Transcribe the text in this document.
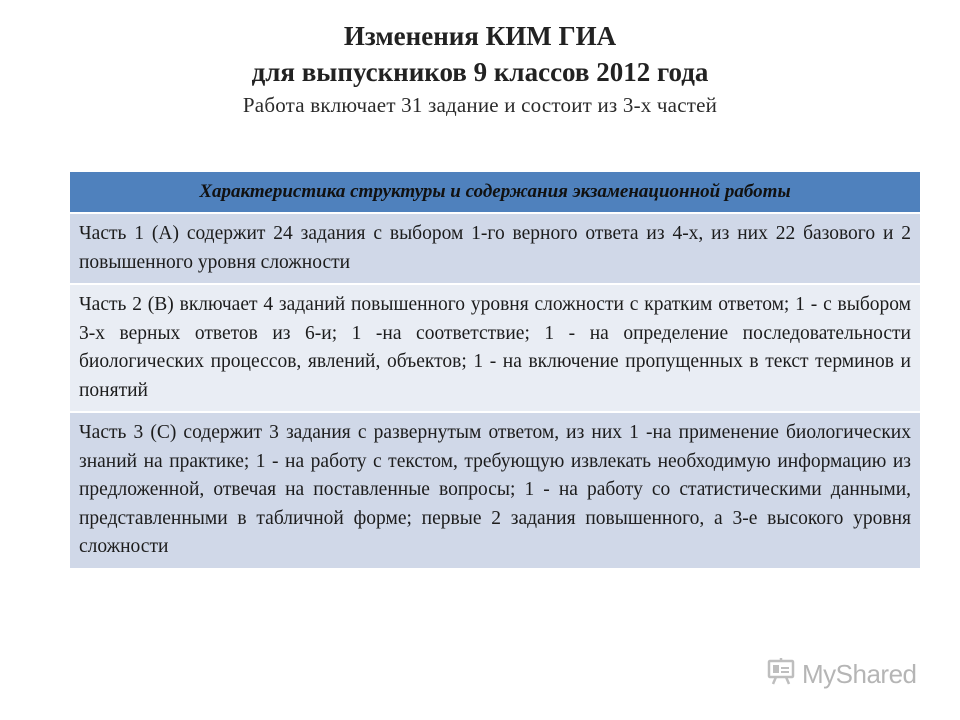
Изменения КИМ ГИА
для выпускников 9 классов 2012 года
Работа включает 31 задание и состоит из 3-х частей
Характеристика структуры и содержания экзаменационной работы
Часть 1 (А) содержит 24 задания с выбором 1-го верного ответа из 4-х, из них 22 базового и 2 повышенного уровня сложности
Часть 2 (В) включает 4 заданий повышенного уровня сложности с кратким ответом; 1 - с выбором 3-х верных ответов из 6-и; 1 -на соответствие; 1 - на определение последовательности биологических процессов, явлений, объектов; 1 - на включение пропущенных в текст терминов и понятий
Часть 3 (С) содержит 3 задания с развернутым ответом, из них 1 -на применение биологических знаний на практике; 1 - на работу с текстом, требующую извлекать необходимую информацию из предложенной, отвечая на поставленные вопросы; 1 - на работу со статистическими данными, представленными в табличной форме; первые 2 задания повышенного, а 3-е высокого уровня сложности
MyShared
